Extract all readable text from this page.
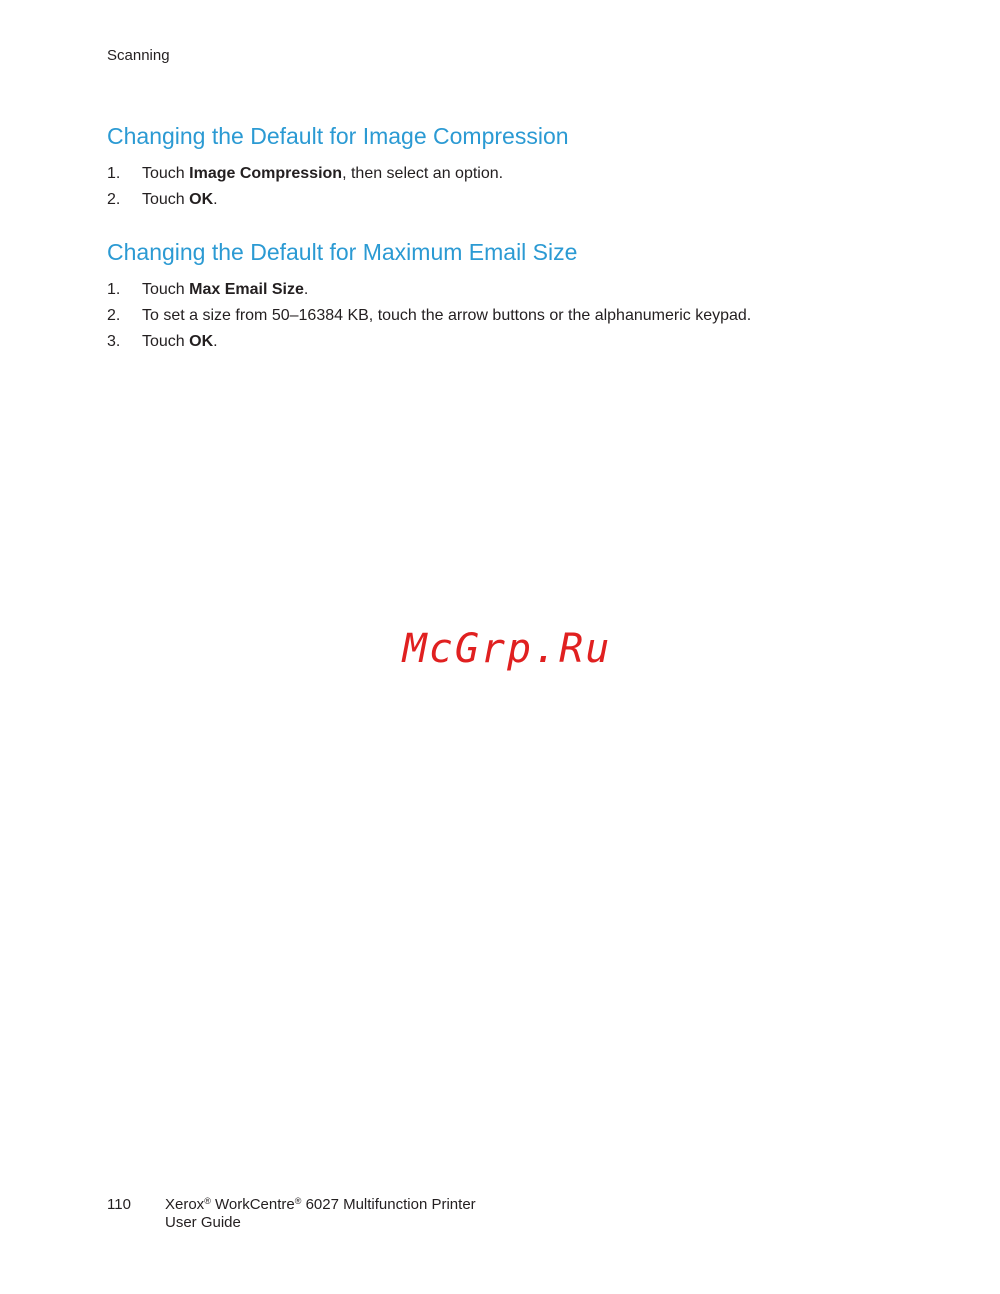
Scanning
Changing the Default for Image Compression
1. Touch Image Compression, then select an option.
2. Touch OK.
Changing the Default for Maximum Email Size
1. Touch Max Email Size.
2. To set a size from 50–16384 KB, touch the arrow buttons or the alphanumeric keypad.
3. Touch OK.
McGrp.Ru
110 Xerox® WorkCentre® 6027 Multifunction Printer
User Guide
